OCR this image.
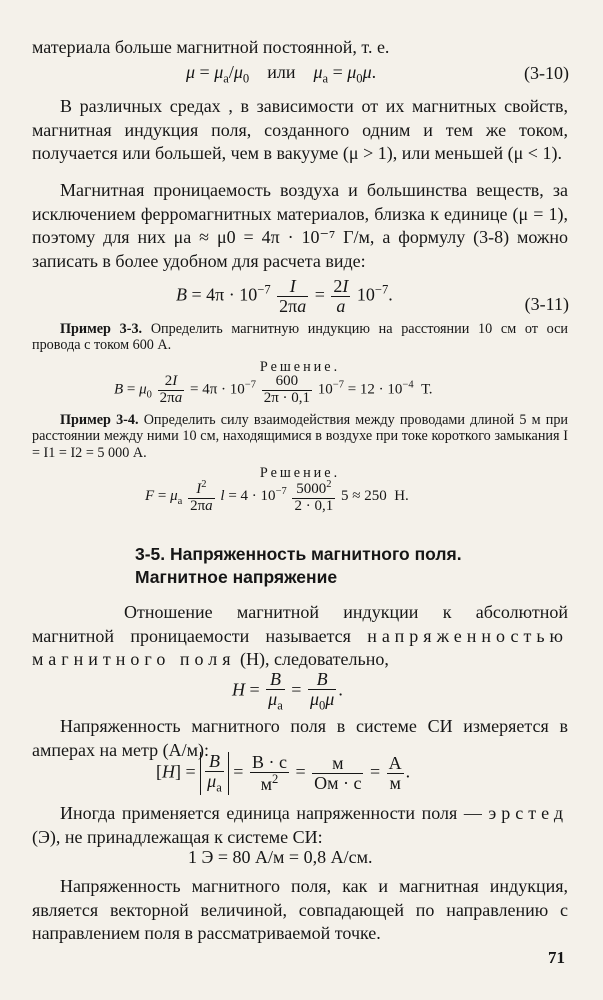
материала больше магнитной постоянной, т. е.

$\mu = \mu_a/\mu_0$    или    $\mu_a = \mu_0\mu$.	(3-10)

В различных средах , в зависимости от их магнитных свойств, магнитная индукция поля, созданного одним и тем же током, получается или большей, чем в вакууме (μ > 1), или меньшей (μ < 1).

Магнитная проницаемость воздуха и большинства веществ, за исключением ферромагнитных материалов, близка к единице (μ = 1), поэтому для них μa ≈ μ0 = 4π · 10⁻⁷ Г/м, а формулу (3-8) можно записать в более удобном для расчета виде:

$B = 4\pi \cdot 10^{-7} \frac{I}{2\pi a} = \frac{2I}{a} 10^{-7}$.	(3-11)

Пример 3-3. Определить магнитную индукцию на расстоянии 10 см от оси провода с током 600 А.

Решение.
$B = \mu_0 \frac{2I}{2\pi a} = 4\pi \cdot 10^{-7} \frac{600}{2\pi \cdot 0,1} 10^{-7} = 12 \cdot 10^{-4}$  Т.

Пример 3-4. Определить силу взаимодействия между проводами длиной 5 м при расстоянии между ними 10 см, находящимися в воздухе при токе короткого замыкания I = I1 = I2 = 5 000 А.

Решение.
$F = \mu_a \frac{I^2}{2\pi a}$ $l = 4 \cdot 10^{-7} \frac{5000^2}{2 \cdot 0,1} 5 \approx 250$  Н.
3-5. Напряженность магнитного поля.
Магнитное напряжение

Отношение магнитной индукции к абсолютной магнитной проницаемости называется напряженностью магнитного поля (H), следовательно,

$H = \frac{B}{\mu_a} = \frac{B}{\mu_0\mu}$ .

Напряженность магнитного поля в системе СИ измеряется в амперах на метр (А/м):

$[H] = \frac{B}{\mu_a} = \frac{В \cdot с}{м^2} = \frac{м}{Ом \cdot с} = \frac{А}{м}$ .

Иногда применяется единица напряженности поля — эрстед (Э), не принадлежащая к системе СИ:

1 Э = 80 А/м = 0,8 А/см.

Напряженность магнитного поля, как и магнитная индукция, является векторной величиной, совпадающей по направлению с направлением поля в рассматриваемой точке.

71
